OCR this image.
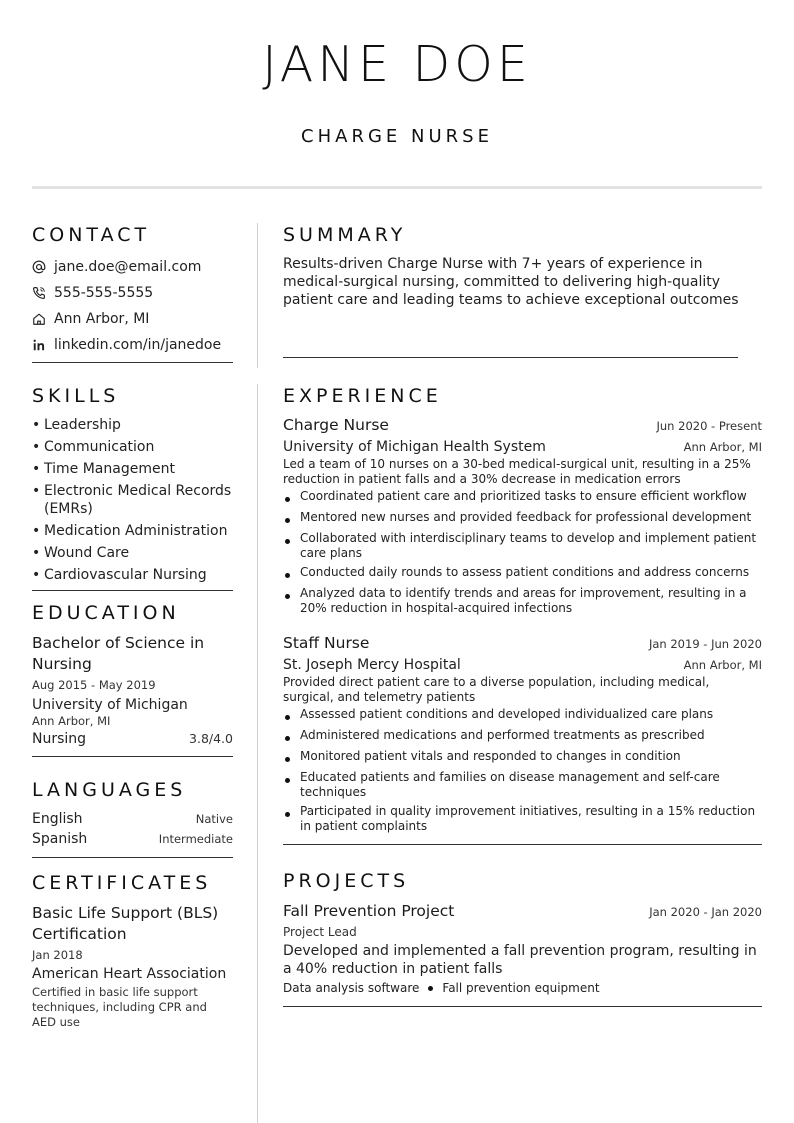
JANE DOE
CHARGE NURSE
CONTACT
jane.doe@email.com
555-555-5555
Ann Arbor, MI
linkedin.com/in/janedoe
SKILLS
• Leadership
• Communication
• Time Management
• Electronic Medical Records (EMRs)
• Medication Administration
• Wound Care
• Cardiovascular Nursing
EDUCATION
Bachelor of Science in Nursing
Aug 2015 - May 2019
University of Michigan
Ann Arbor, MI
Nursing	3.8/4.0
LANGUAGES
English	Native
Spanish	Intermediate
CERTIFICATES
Basic Life Support (BLS) Certification
Jan 2018
American Heart Association
Certified in basic life support techniques, including CPR and AED use
SUMMARY
Results-driven Charge Nurse with 7+ years of experience in medical-surgical nursing, committed to delivering high-quality patient care and leading teams to achieve exceptional outcomes
EXPERIENCE
Charge Nurse	Jun 2020 - Present
University of Michigan Health System	Ann Arbor, MI
Led a team of 10 nurses on a 30-bed medical-surgical unit, resulting in a 25% reduction in patient falls and a 30% decrease in medication errors
Coordinated patient care and prioritized tasks to ensure efficient workflow
Mentored new nurses and provided feedback for professional development
Collaborated with interdisciplinary teams to develop and implement patient care plans
Conducted daily rounds to assess patient conditions and address concerns
Analyzed data to identify trends and areas for improvement, resulting in a 20% reduction in hospital-acquired infections
Staff Nurse	Jan 2019 - Jun 2020
St. Joseph Mercy Hospital	Ann Arbor, MI
Provided direct patient care to a diverse population, including medical, surgical, and telemetry patients
Assessed patient conditions and developed individualized care plans
Administered medications and performed treatments as prescribed
Monitored patient vitals and responded to changes in condition
Educated patients and families on disease management and self-care techniques
Participated in quality improvement initiatives, resulting in a 15% reduction in patient complaints
PROJECTS
Fall Prevention Project	Jan 2020 - Jan 2020
Project Lead
Developed and implemented a fall prevention program, resulting in a 40% reduction in patient falls
Data analysis software Fall prevention equipment
